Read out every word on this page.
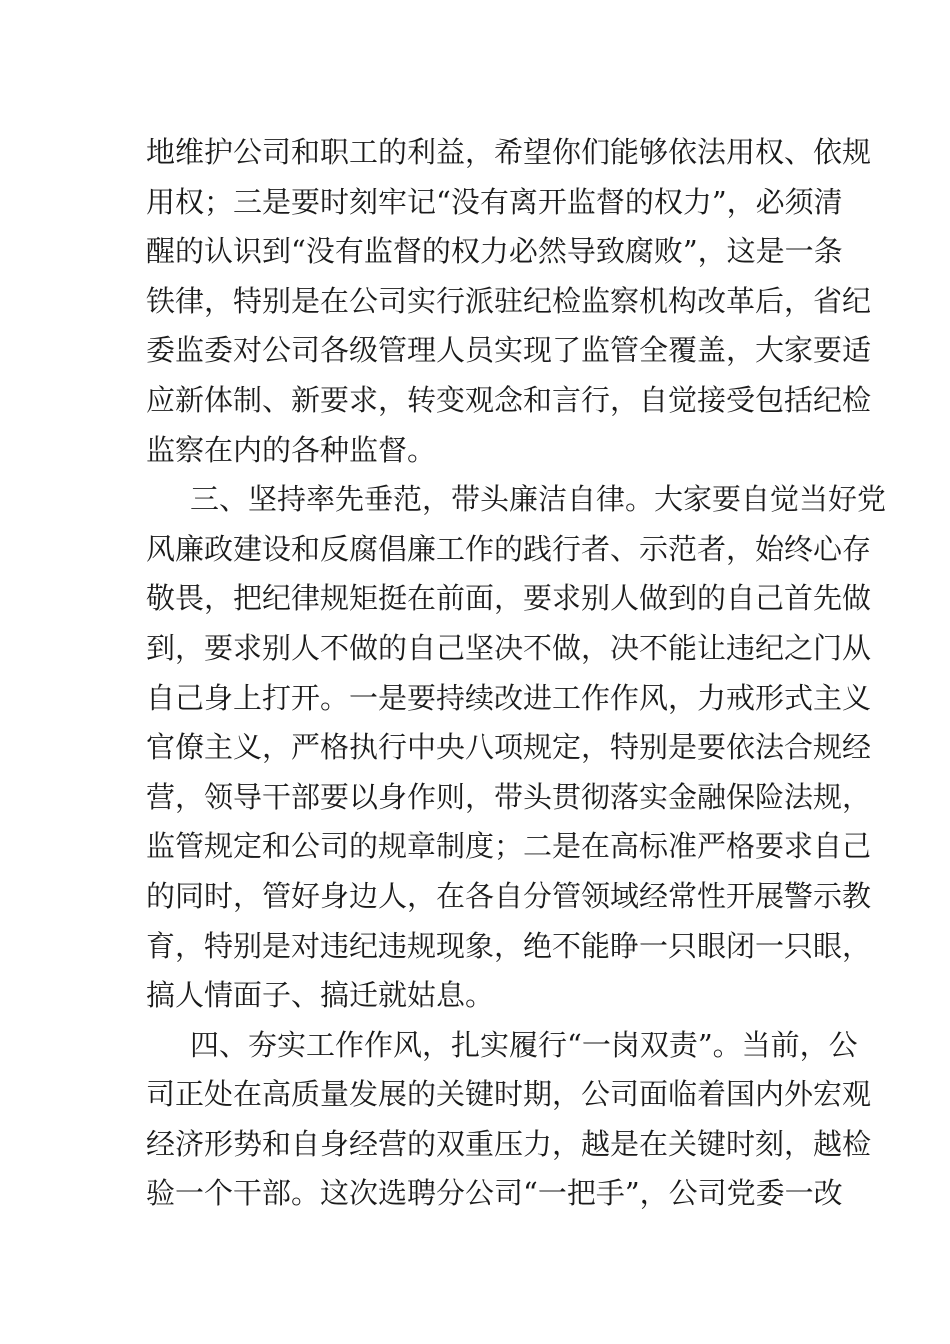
地维护公司和职工的利益，希望你们能够依法用权、依规
用权；三是要时刻牢记“没有离开监督的权力”，必须清
醒的认识到“没有监督的权力必然导致腐败”，这是一条
铁律，特别是在公司实行派驻纪检监察机构改革后，省纪
委监委对公司各级管理人员实现了监管全覆盖，大家要适
应新体制、新要求，转变观念和言行，自觉接受包括纪检
监察在内的各种监督。
三、坚持率先垂范，带头廉洁自律。大家要自觉当好党
风廉政建设和反腐倡廉工作的践行者、示范者，始终心存
敬畏，把纪律规矩挺在前面，要求别人做到的自己首先做
到，要求别人不做的自己坚决不做，决不能让违纪之门从
自己身上打开。一是要持续改进工作作风，力戒形式主义
官僚主义，严格执行中央八项规定，特别是要依法合规经
营，领导干部要以身作则，带头贯彻落实金融保险法规，
监管规定和公司的规章制度；二是在高标准严格要求自己
的同时，管好身边人，在各自分管领域经常性开展警示教
育，特别是对违纪违规现象，绝不能睁一只眼闭一只眼，
搞人情面子、搞迁就姑息。
四、夯实工作作风，扎实履行“一岗双责”。当前，公
司正处在高质量发展的关键时期，公司面临着国内外宏观
经济形势和自身经营的双重压力，越是在关键时刻，越检
验一个干部。这次选聘分公司“一把手”，公司党委一改
